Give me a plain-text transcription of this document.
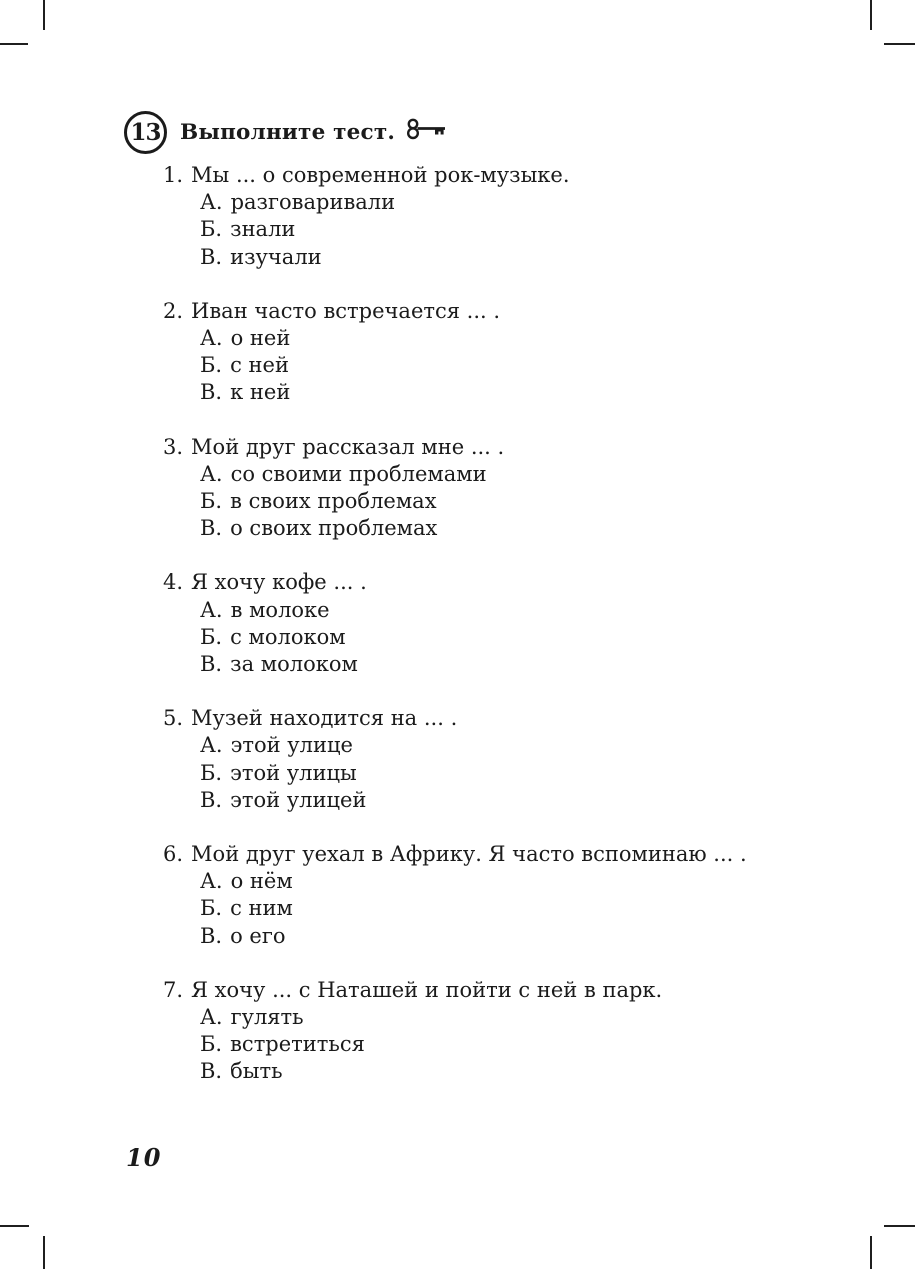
13 Выполните тест.
1. Мы ... о современной рок-музыке.
А. разговаривали
Б. знали
В. изучали
2. Иван часто встречается ... .
А. о ней
Б. с ней
В. к ней
3. Мой друг рассказал мне ... .
А. со своими проблемами
Б. в своих проблемах
В. о своих проблемах
4. Я хочу кофе ... .
А. в молоке
Б. с молоком
В. за молоком
5. Музей находится на ... .
А. этой улице
Б. этой улицы
В. этой улицей
6. Мой друг уехал в Африку. Я часто вспоминаю ... .
А. о нём
Б. с ним
В. о его
7. Я хочу ... с Наташей и пойти с ней в парк.
А. гулять
Б. встретиться
В. быть
10
